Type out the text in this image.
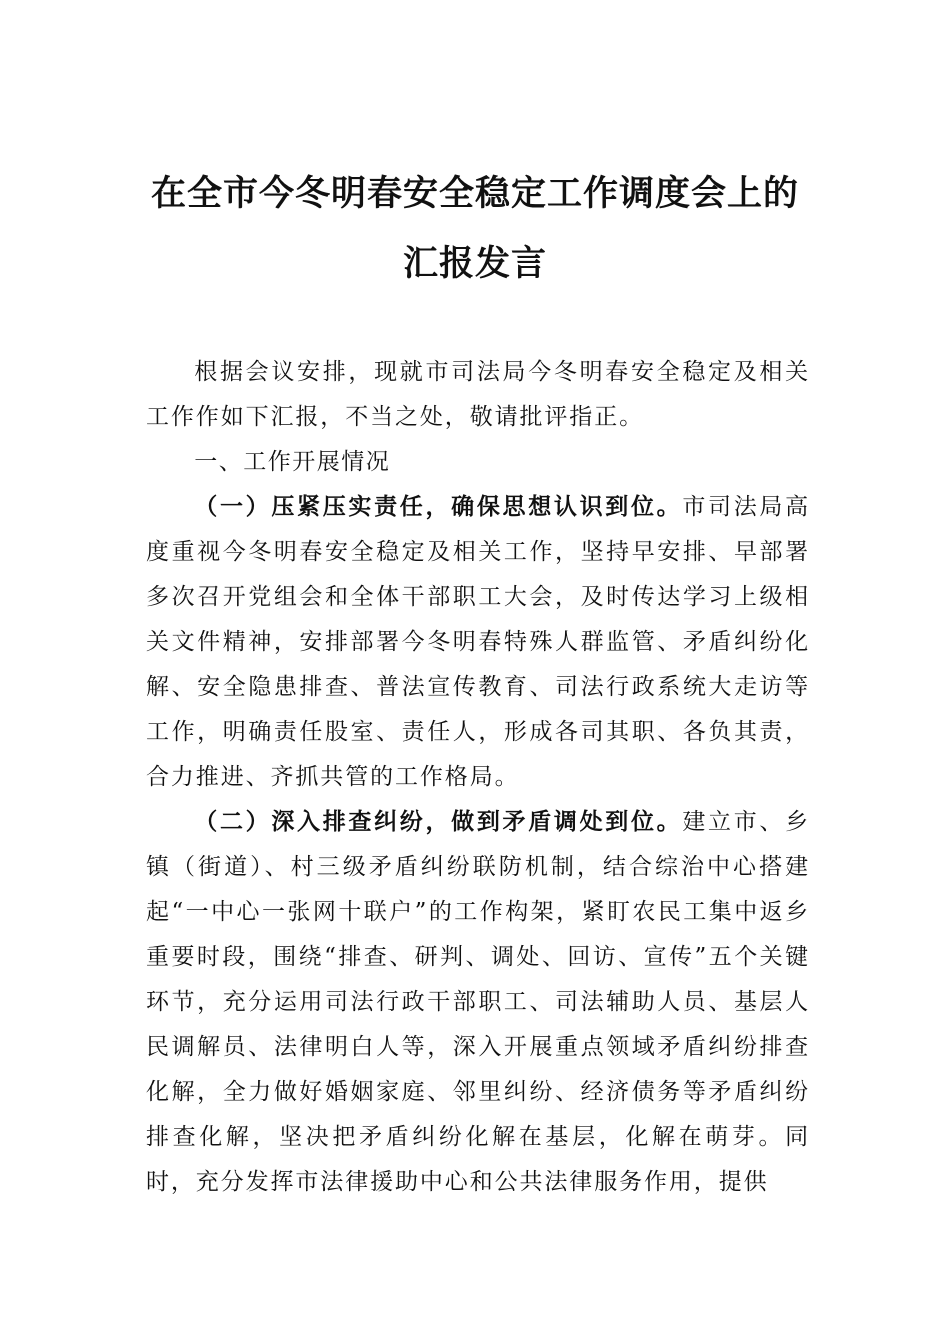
在全市今冬明春安全稳定工作调度会上的
汇报发言

根据会议安排，现就市司法局今冬明春安全稳定及相关工作作如下汇报，不当之处，敬请批评指正。

一、工作开展情况

（一）压紧压实责任，确保思想认识到位。市司法局高度重视今冬明春安全稳定及相关工作，坚持早安排、早部署多次召开党组会和全体干部职工大会，及时传达学习上级相关文件精神，安排部署今冬明春特殊人群监管、矛盾纠纷化解、安全隐患排查、普法宣传教育、司法行政系统大走访等工作，明确责任股室、责任人，形成各司其职、各负其责，合力推进、齐抓共管的工作格局。

（二）深入排查纠纷，做到矛盾调处到位。建立市、乡镇（街道）、村三级矛盾纠纷联防机制，结合综治中心搭建起“一中心一张网十联户”的工作构架，紧盯农民工集中返乡重要时段，围绕“排查、研判、调处、回访、宣传”五个关键环节，充分运用司法行政干部职工、司法辅助人员、基层人民调解员、法律明白人等，深入开展重点领域矛盾纠纷排查化解，全力做好婚姻家庭、邻里纠纷、经济债务等矛盾纠纷排查化解，坚决把矛盾纠纷化解在基层，化解在萌芽。同时，充分发挥市法律援助中心和公共法律服务作用，提供
